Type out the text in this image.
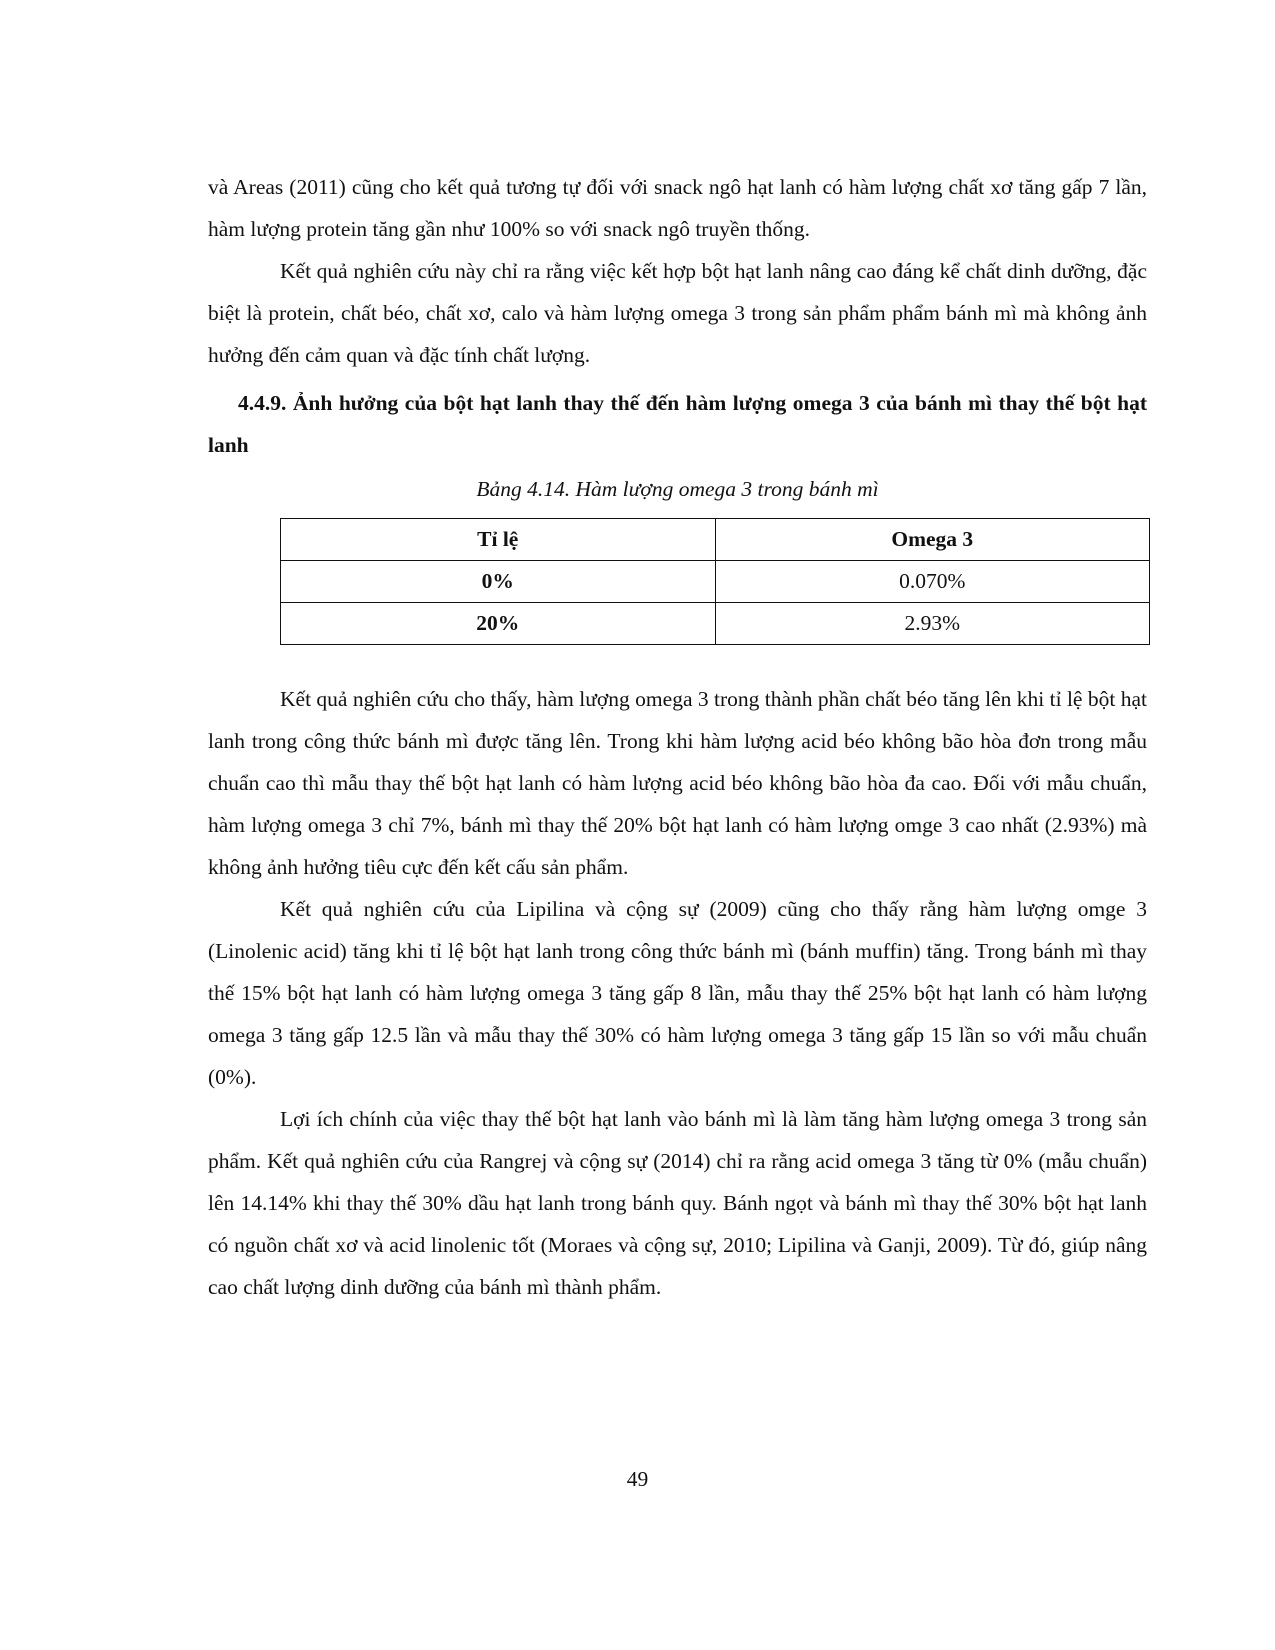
và Areas (2011) cũng cho kết quả tương tự đối với snack ngô hạt lanh có hàm lượng chất xơ tăng gấp 7 lần, hàm lượng protein tăng gần như 100% so với snack ngô truyền thống.

Kết quả nghiên cứu này chỉ ra rằng việc kết hợp bột hạt lanh nâng cao đáng kể chất dinh dưỡng, đặc biệt là protein, chất béo, chất xơ, calo và hàm lượng omega 3 trong sản phẩm phẩm bánh mì mà không ảnh hưởng đến cảm quan và đặc tính chất lượng.

4.4.9. Ảnh hưởng của bột hạt lanh thay thế đến hàm lượng omega 3 của bánh mì thay thế bột hạt lanh
Bảng 4.14. Hàm lượng omega 3 trong bánh mì
Tỉ lệ	Omega 3
0%	0.070%
20%	2.93%

Kết quả nghiên cứu cho thấy, hàm lượng omega 3 trong thành phần chất béo tăng lên khi tỉ lệ bột hạt lanh trong công thức bánh mì được tăng lên. Trong khi hàm lượng acid béo không bão hòa đơn trong mẫu chuẩn cao thì mẫu thay thế bột hạt lanh có hàm lượng acid béo không bão hòa đa cao. Đối với mẫu chuẩn, hàm lượng omega 3 chỉ 7%, bánh mì thay thế 20% bột hạt lanh có hàm lượng omge 3 cao nhất (2.93%) mà không ảnh hưởng tiêu cực đến kết cấu sản phẩm.

Kết quả nghiên cứu của Lipilina và cộng sự (2009) cũng cho thấy rằng hàm lượng omge 3 (Linolenic acid) tăng khi tỉ lệ bột hạt lanh trong công thức bánh mì (bánh muffin) tăng. Trong bánh mì thay thế 15% bột hạt lanh có hàm lượng omega 3 tăng gấp 8 lần, mẫu thay thế 25% bột hạt lanh có hàm lượng omega 3 tăng gấp 12.5 lần và mẫu thay thế 30% có hàm lượng omega 3 tăng gấp 15 lần so với mẫu chuẩn (0%).

Lợi ích chính của việc thay thế bột hạt lanh vào bánh mì là làm tăng hàm lượng omega 3 trong sản phẩm. Kết quả nghiên cứu của Rangrej và cộng sự (2014) chỉ ra rằng acid omega 3 tăng từ 0% (mẫu chuẩn) lên 14.14% khi thay thế 30% dầu hạt lanh trong bánh quy. Bánh ngọt và bánh mì thay thế 30% bột hạt lanh có nguồn chất xơ và acid linolenic tốt (Moraes và cộng sự, 2010; Lipilina và Ganji, 2009). Từ đó, giúp nâng cao chất lượng dinh dưỡng của bánh mì thành phẩm.

49
